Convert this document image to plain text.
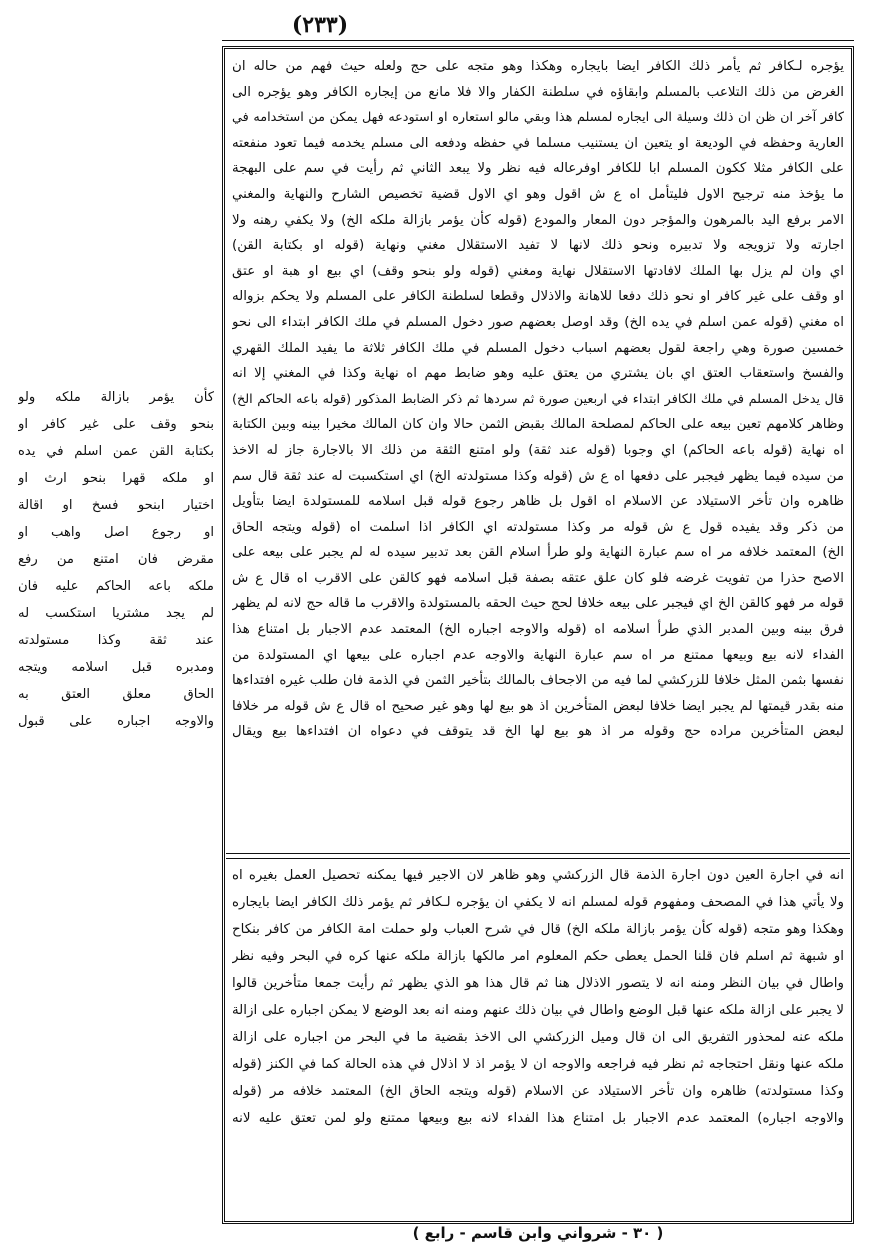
(٢٣٣)

يؤجره لـكافر ثم يأمر ذلك الكافر ايضا بايجاره وهكذا وهو متجه على حج ولعله حيث فهم من حاله ان

الغرض من ذلك التلاعب بالمسلم وابقاؤه في سلطنة الكفار والا فلا مانع من إيجاره الكافر وهو يؤجره الى

كافر آخر ان ظن ان ذلك وسيلة الى ايجاره لمسلم هذا وبقي مالو استعاره او استودعه فهل يمكن من استخدامه في

العارية وحفظه في الوديعة او يتعين ان يستنيب مسلما في حفظه ودفعه الى مسلم يخدمه فيما تعود منفعته

على الكافر مثلا ككون المسلم ابا للكافر اوفرعاله فيه نظر ولا يبعد الثاني ثم رأيت في سم على البهجة

ما يؤخذ منه ترجيح الاول فليتأمل اه ع ش اقول وهو اي الاول قضية تخصيص الشارح والنهاية والمغني

الامر برفع اليد بالمرهون والمؤجر دون المعار والمودع (قوله كأن يؤمر بازالة ملكه الخ) ولا يكفي رهنه ولا

اجارته ولا تزويجه ولا تدبيره ونحو ذلك لانها لا تفيد الاستقلال مغني ونهاية (قوله او بكتابة القن)

اي وان لم يزل بها الملك لافادتها الاستقلال نهاية ومغني (قوله ولو بنحو وقف) اي بيع او هبة او عتق

او وقف على غير كافر او نحو ذلك دفعا للاهانة والاذلال وقطعا لسلطنة الكافر على المسلم ولا يحكم بزواله

اه مغني (قوله عمن اسلم في يده الخ) وقد اوصل بعضهم صور دخول المسلم في ملك الكافر ابتداء الى نحو

خمسين صورة وهي راجعة لقول بعضهم اسباب دخول المسلم في ملك الكافر ثلاثة ما يفيد الملك القهري

والفسخ واستعقاب العتق اي بان يشتري من يعتق عليه وهو ضابط مهم اه نهاية وكذا في المغني إلا انه

قال يدخل المسلم في ملك الكافر ابتداء في اربعين صورة ثم سردها ثم ذكر الضابط المذكور (قوله باعه الحاكم الخ)

وظاهر كلامهم تعين بيعه على الحاكم لمصلحة المالك بقبض الثمن حالا وان كان المالك مخيرا بينه وبين الكتابة

اه نهاية (قوله باعه الحاكم) اي وجوبا (قوله عند ثقة) ولو امتنع الثقة من ذلك الا بالاجارة جاز له الاخذ

من سيده فيما يظهر فيجبر على دفعها اه ع ش (قوله وكذا مستولدته الخ) اي استكسبت له عند ثقة قال سم

ظاهره وان تأخر الاستيلاد عن الاسلام اه اقول بل ظاهر رجوع قوله قبل اسلامه للمستولدة ايضا بتأويل

من ذكر وقد يفيده قول ع ش قوله مر وكذا مستولدته اي الكافر اذا اسلمت اه (قوله ويتجه الحاق

الخ) المعتمد خلافه مر اه سم عبارة النهاية ولو طرأ اسلام القن بعد تدبير سيده له لم يجبر على بيعه على

الاصح حذرا من تفويت غرضه فلو كان علق عتقه بصفة قبل اسلامه فهو كالقن على الاقرب اه قال ع ش

قوله مر فهو كالقن الخ اي فيجبر على بيعه خلافا لحج حيث الحقه بالمستولدة والاقرب ما قاله حج لانه لم يظهر

فرق بينه وبين المدبر الذي طرأ اسلامه اه (قوله والاوجه اجباره الخ) المعتمد عدم الاجبار بل امتناع هذا

الفداء لانه بيع وبيعها ممتنع مر اه سم عبارة النهاية والاوجه عدم اجباره على بيعها اي المستولدة من

نفسها بثمن المثل خلافا للزركشي لما فيه من الاجحاف بالمالك بتأخير الثمن في الذمة فان طلب غيره افتداءها

منه بقدر قيمتها لم يجبر ايضا خلافا لبعض المتأخرين اذ هو بيع لها وهو غير صحيح اه قال ع ش قوله مر خلافا

لبعض المتأخرين مراده حج وقوله مر اذ هو بيع لها الخ قد يتوقف في دعواه ان افتداءها بيع ويقال

انه في اجارة العين دون اجارة الذمة قال الزركشي وهو ظاهر لان الاجير فيها يمكنه تحصيل العمل بغيره اه

ولا يأتي هذا في المصحف ومفهوم قوله لمسلم انه لا يكفي ان يؤجره لـكافر ثم يؤمر ذلك الكافر ايضا بايجاره

وهكذا وهو متجه (قوله كأن يؤمر بازالة ملكه الخ) قال في شرح العباب ولو حملت امة الكافر من كافر بنكاح

او شبهة ثم اسلم فان قلنا الحمل يعطى حكم المعلوم امر مالكها بازالة ملكه عنها كره في البحر وفيه نظر

واطال في بيان النظر ومنه انه لا يتصور الاذلال هنا ثم قال هذا هو الذي يظهر ثم رأيت جمعا متأخرين قالوا

لا يجبر على ازالة ملكه عنها قبل الوضع واطال في بيان ذلك عنهم ومنه انه بعد الوضع لا يمكن اجباره على ازالة

ملكه عنه لمحذور التفريق الى ان قال وميل الزركشي الى الاخذ بقضية ما في البحر من اجباره على ازالة

ملكه عنها ونقل احتجاجه ثم نظر فيه فراجعه والاوجه ان لا يؤمر اذ لا اذلال في هذه الحالة كما في الكنز (قوله

وكذا مستولدته) ظاهره وان تأخر الاستيلاد عن الاسلام (قوله ويتجه الحاق الخ) المعتمد خلافه مر (قوله

والاوجه اجباره) المعتمد عدم الاجبار بل امتناع هذا الفداء لانه بيع وبيعها ممتنع ولو لمن تعتق عليه لانه

كأن يؤمر بازالة ملكه ولو

بنحو وقف على غير كافر او

بكتابة القن عمن اسلم في يده

او ملكه قهرا بنحو ارث او

اختيار ابنحو فسخ او اقالة

او رجوع اصل واهب او

مقرض فان امتنع من رفع

ملكه باعه الحاكم عليه فان

لم يجد مشتريا استكسب له

عند ثقة وكذا مستولدته

ومدبره قبل اسلامه ويتجه

الحاق معلق العتق به

والاوجه اجباره على قبول

( ٣٠ - شرواني وابن قاسم - رابع )
